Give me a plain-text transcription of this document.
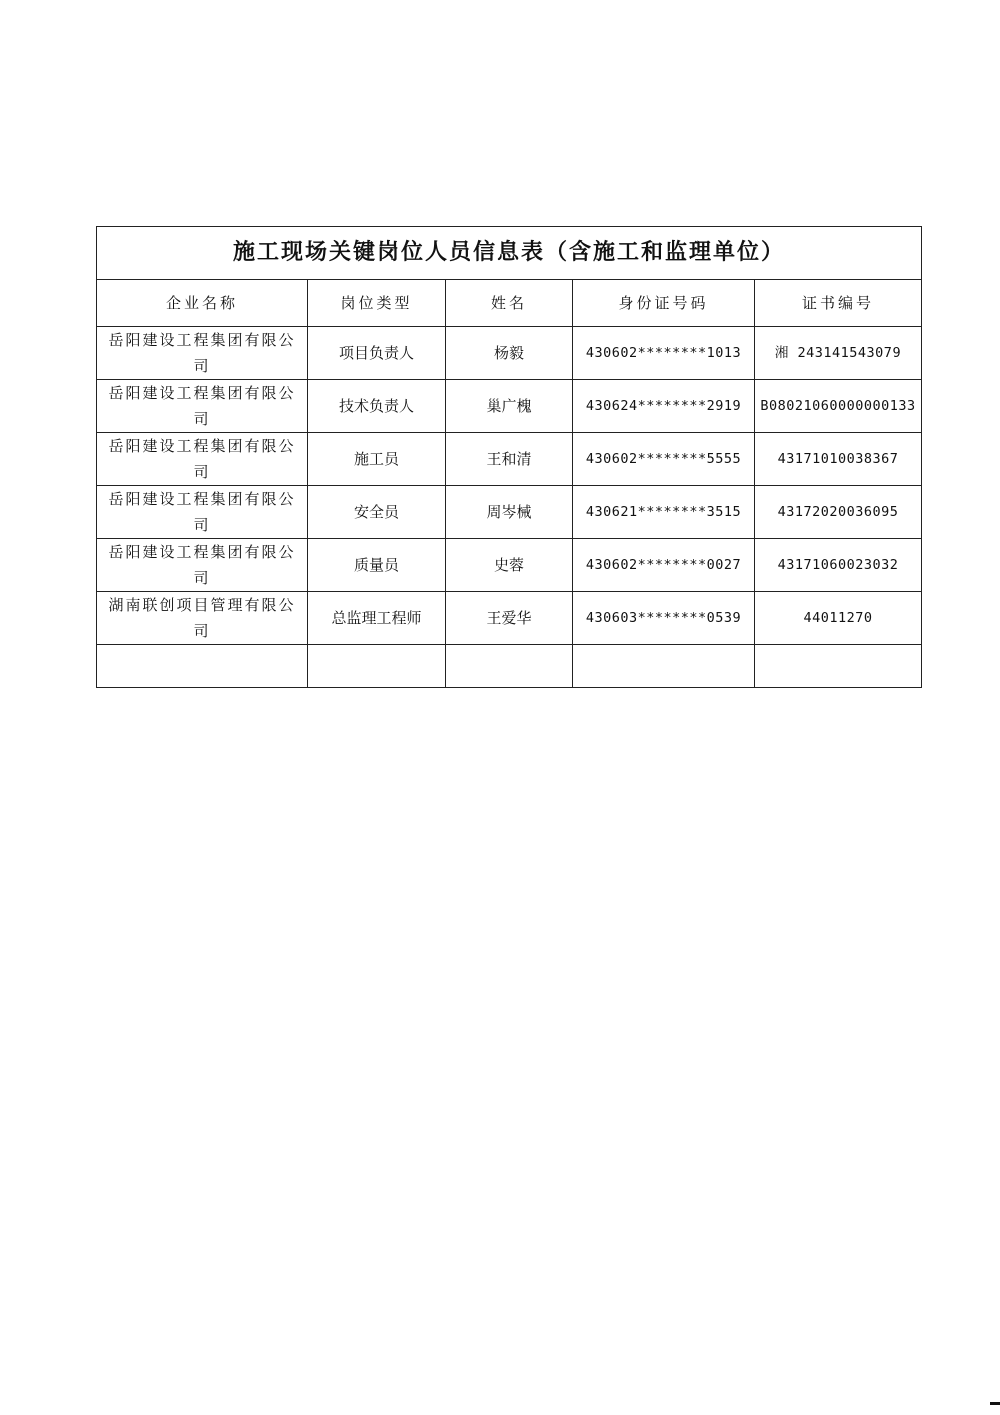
施工现场关键岗位人员信息表（含施工和监理单位）				
企业名称	岗位类型	姓名	身份证号码	证书编号
岳阳建设工程集团有限公司	项目负责人	杨毅	430602********1013	湘 243141543079
岳阳建设工程集团有限公司	技术负责人	巢广槐	430624********2919	B08021060000000133
岳阳建设工程集团有限公司	施工员	王和清	430602********5555	43171010038367
岳阳建设工程集团有限公司	安全员	周岑械	430621********3515	43172020036095
岳阳建设工程集团有限公司	质量员	史蓉	430602********0027	43171060023032
湖南联创项目管理有限公司	总监理工程师	王爱华	430603********0539	44011270
